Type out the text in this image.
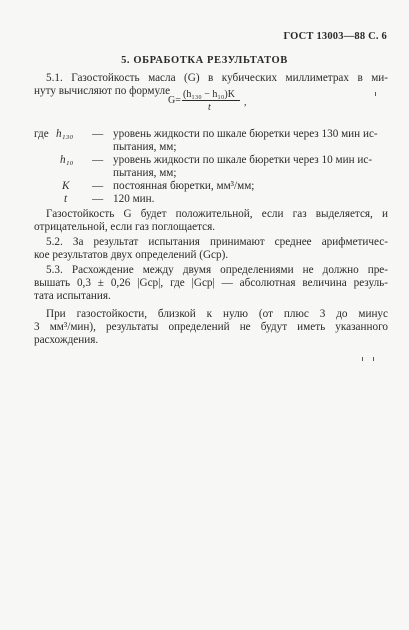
ГОСТ 13003—88 С. 6
5. ОБРАБОТКА РЕЗУЛЬТАТОВ
5.1. Газостойкость масла (G) в кубических миллиметрах в ми-
нуту вычисляют по формуле
G=
(h₁₃₀ − h₁₀)K
t	,
где h₁₃₀ — уровень жидкости по шкале бюретки через 130 мин ис-
пытания, мм;
h₁₀ — уровень жидкости по шкале бюретки через 10 мин ис-
пытания, мм;
K — постоянная бюретки, мм³/мм;
t — 120 мин.
Газостойкость G будет положительной, если газ выделяется, и
отрицательной, если газ поглощается.
5.2. За результат испытания принимают среднее арифметичес-
кое результатов двух определений (Gср).
5.3. Расхождение между двумя определениями не должно пре-
вышать 0,3 ± 0,26 |Gср|, где |Gср| — абсолютная величина резуль-
тата испытания.
При газостойкости, близкой к нулю (от плюс 3 до минус
3 мм³/мин), результаты определений не будут иметь указанного
расхождения.
